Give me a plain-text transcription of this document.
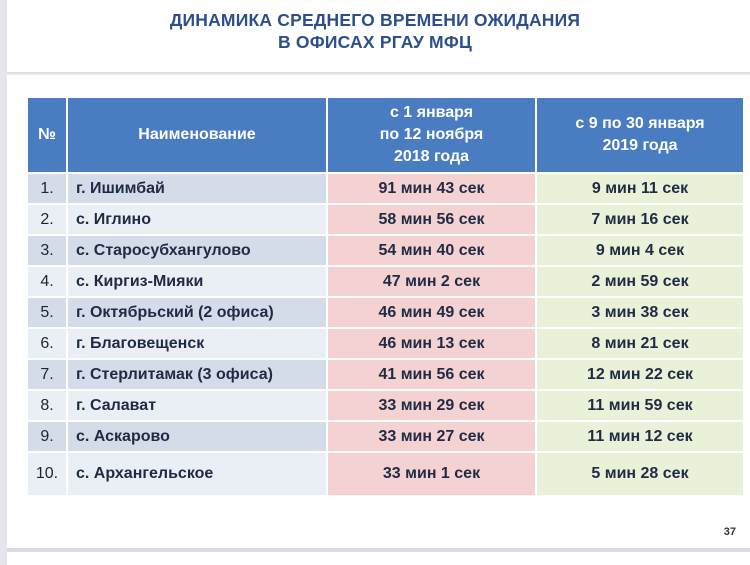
ДИНАМИКА СРЕДНЕГО ВРЕМЕНИ ОЖИДАНИЯ
В ОФИСАХ РГАУ МФЦ
№	Наименование	с 1 января
по 12 ноября
2018 года	с 9 по 30 января
2019 года
1.	г. Ишимбай	91 мин 43 сек	9 мин 11 сек
2.	с. Иглино	58 мин 56 сек	7 мин 16 сек
3.	с. Старосубхангулово	54 мин 40 сек	9 мин 4 сек
4.	с. Киргиз-Мияки	47 мин 2 сек	2 мин 59 сек
5.	г. Октябрьский (2 офиса)	46 мин 49 сек	3 мин 38 сек
6.	г. Благовещенск	46 мин 13 сек	8 мин 21 сек
7.	г. Стерлитамак (3 офиса)	41 мин 56 сек	12 мин 22 сек
8.	г. Салават	33 мин 29 сек	11 мин 59 сек
9.	с. Аскарово	33 мин 27 сек	11 мин 12 сек
10.	с. Архангельское	33 мин 1 сек	5 мин 28 сек
37
